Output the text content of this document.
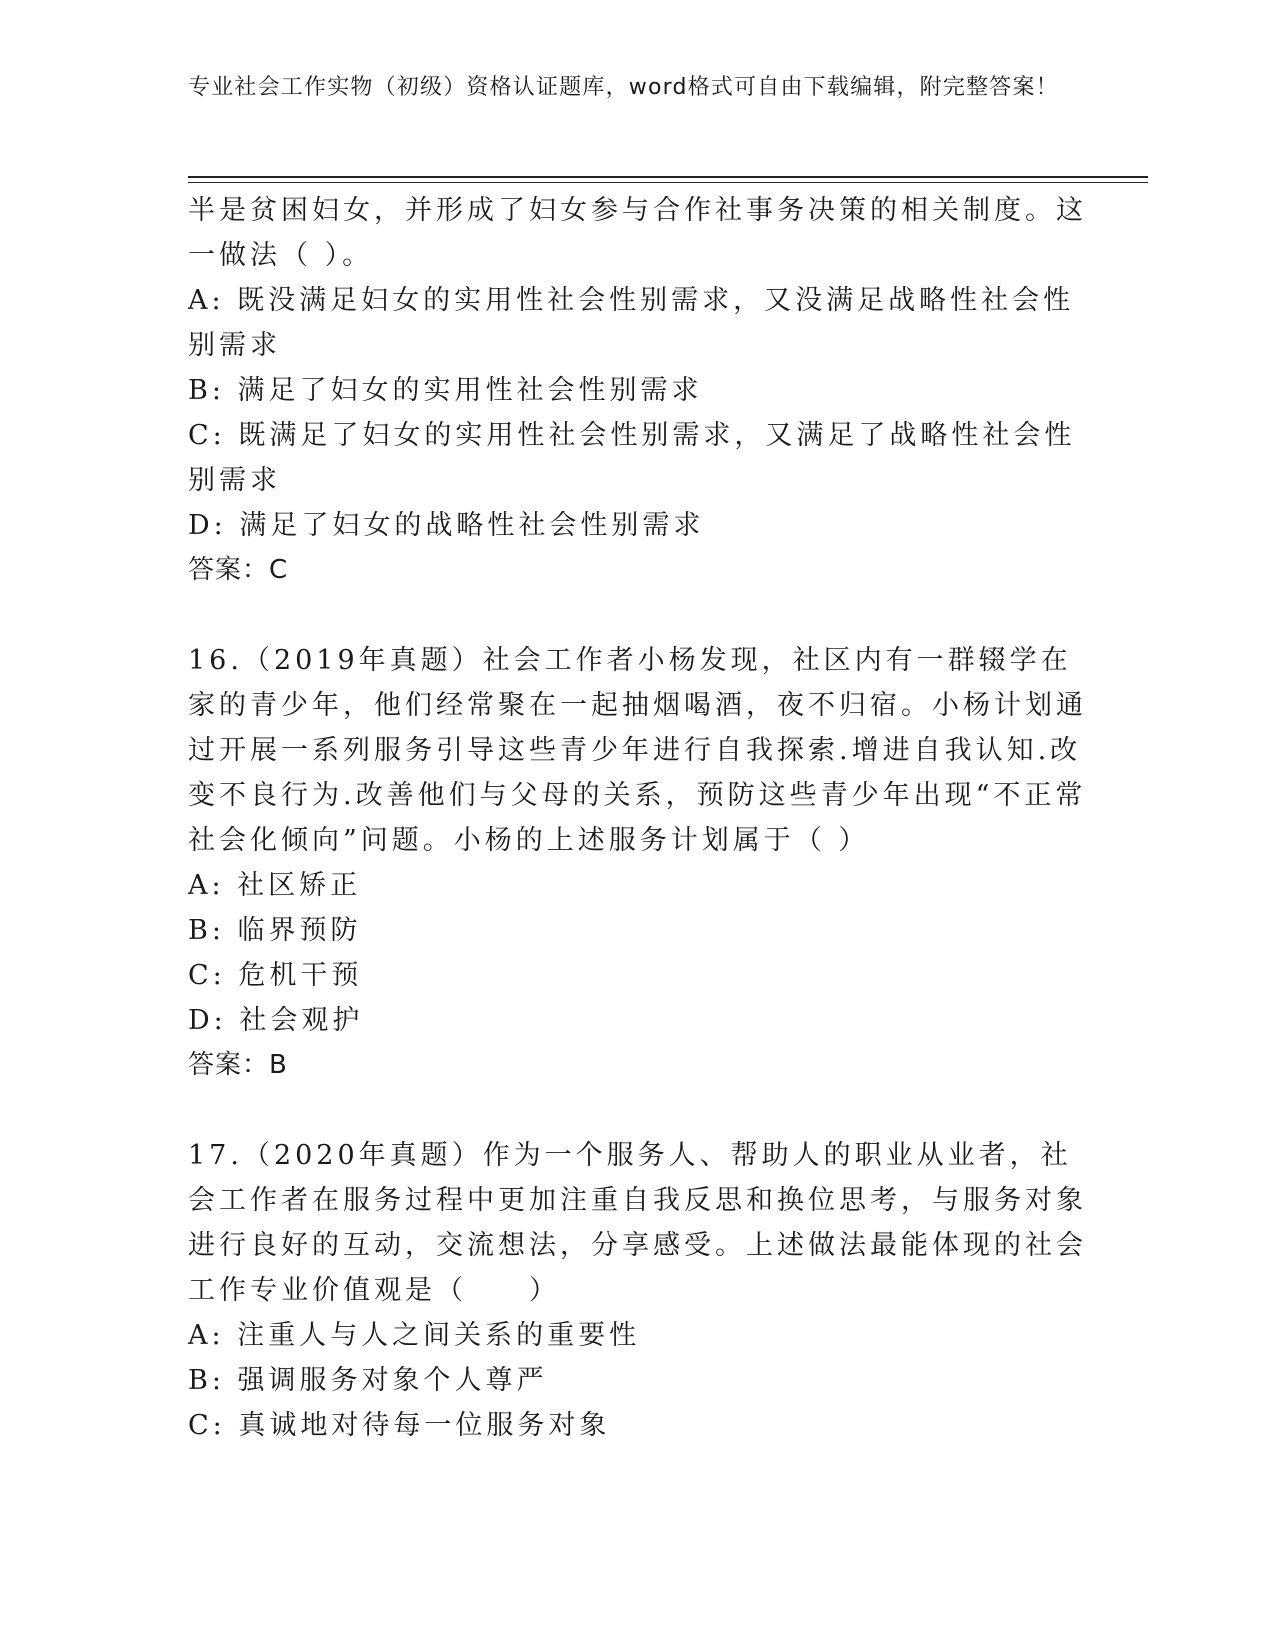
专业社会工作实物（初级）资格认证题库，word格式可自由下载编辑，附完整答案！
半是贫困妇女，并形成了妇女参与合作社事务决策的相关制度。这一做法（ ）。
A: 既没满足妇女的实用性社会性别需求，又没满足战略性社会性别需求
B: 满足了妇女的实用性社会性别需求
C: 既满足了妇女的实用性社会性别需求，又满足了战略性社会性别需求
D: 满足了妇女的战略性社会性别需求
答案：C
16.（2019年真题）社会工作者小杨发现，社区内有一群辍学在家的青少年，他们经常聚在一起抽烟喝酒，夜不归宿。小杨计划通过开展一系列服务引导这些青少年进行自我探索.增进自我认知.改变不良行为.改善他们与父母的关系，预防这些青少年出现“不正常社会化倾向”问题。小杨的上述服务计划属于（ ）
A: 社区矫正
B: 临界预防
C: 危机干预
D: 社会观护
答案：B
17.（2020年真题）作为一个服务人、帮助人的职业从业者，社会工作者在服务过程中更加注重自我反思和换位思考，与服务对象进行良好的互动，交流想法，分享感受。上述做法最能体现的社会工作专业价值观是（　　）
A: 注重人与人之间关系的重要性
B: 强调服务对象个人尊严
C: 真诚地对待每一位服务对象
